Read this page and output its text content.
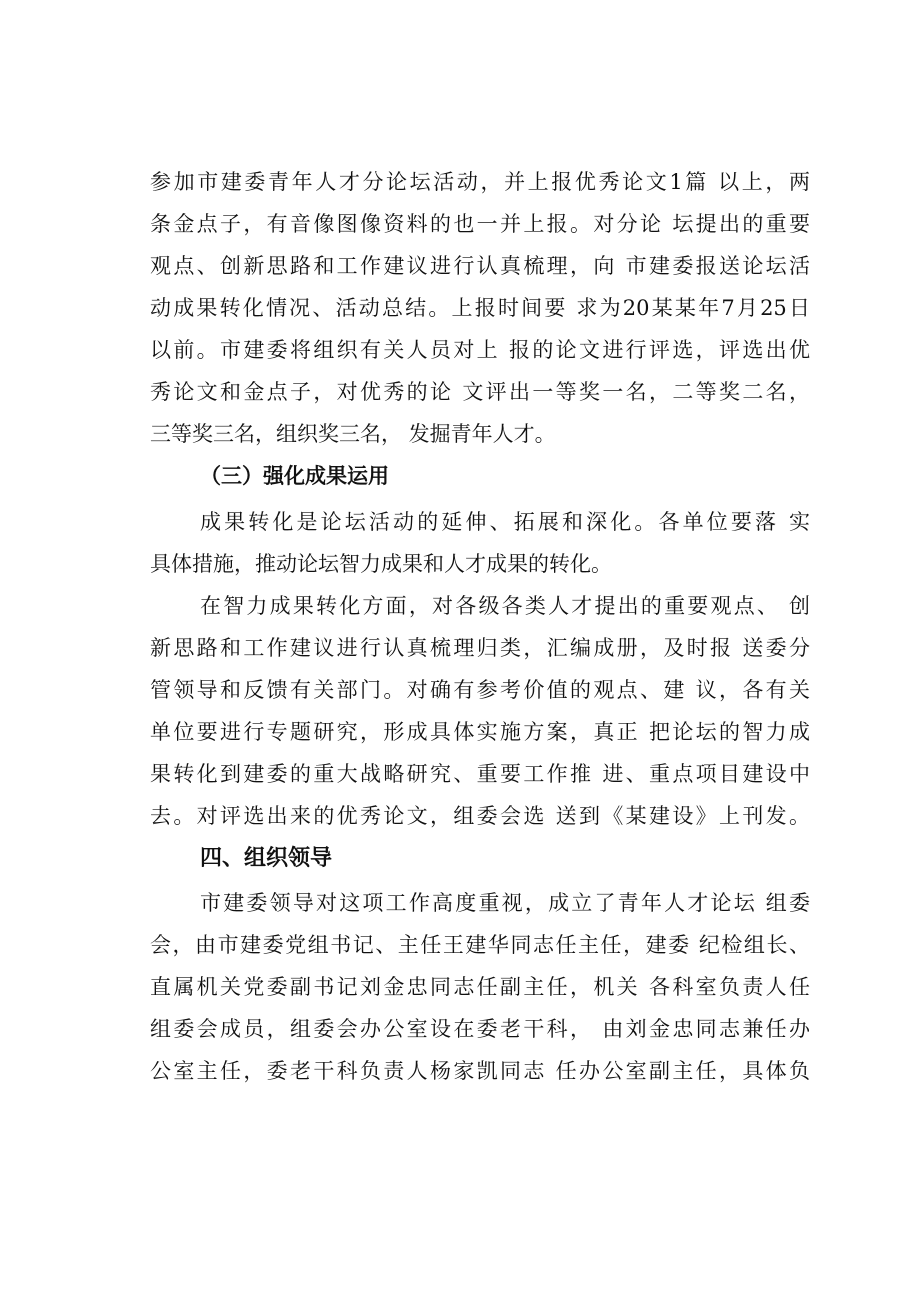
参加市建委青年人才分论坛活动，并上报优秀论文1篇 以上，两
条金点子，有音像图像资料的也一并上报。对分论 坛提出的重要
观点、创新思路和工作建议进行认真梳理，向 市建委报送论坛活
动成果转化情况、活动总结。上报时间要 求为20某某年7月25日
以前。市建委将组织有关人员对上 报的论文进行评选，评选出优
秀论文和金点子，对优秀的论 文评出一等奖一名，二等奖二名，
三等奖三名，组织奖三名， 发掘青年人才。
（三）强化成果运用
成果转化是论坛活动的延伸、拓展和深化。各单位要落 实
具体措施，推动论坛智力成果和人才成果的转化。
在智力成果转化方面，对各级各类人才提出的重要观点、 创
新思路和工作建议进行认真梳理归类，汇编成册，及时报 送委分
管领导和反馈有关部门。对确有参考价值的观点、建 议，各有关
单位要进行专题研究，形成具体实施方案，真正 把论坛的智力成
果转化到建委的重大战略研究、重要工作推 进、重点项目建设中
去。对评选出来的优秀论文，组委会选 送到《某建设》上刊发。
四、组织领导
市建委领导对这项工作高度重视，成立了青年人才论坛 组委
会，由市建委党组书记、主任王建华同志任主任，建委 纪检组长、
直属机关党委副书记刘金忠同志任副主任，机关 各科室负责人任
组委会成员，组委会办公室设在委老干科， 由刘金忠同志兼任办
公室主任，委老干科负责人杨家凯同志 任办公室副主任，具体负
